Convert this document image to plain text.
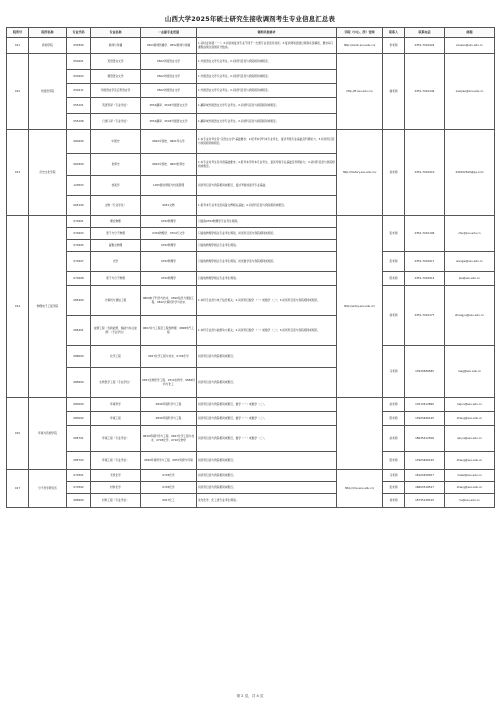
山西大学2025年硕士研究生接收调剂考生专业信息汇总表
院所号	院所名称	专业代码	专业名称	一志愿专业范围	调剂其他要求	学院（中心、所）官网	联系人	联系电话	邮箱
011	新闻学院	050300	新闻与传播	0503新闻传播学、0552新闻与传播	1.初试业务课（一）；2.初试或复试专业不同于一志愿专业者需另加试；3.复试调剂需通过调剂系统填报，要求每门课程成绩达到国家分数线。	http://xwcb.sxu.edu.cn/	李老师	0351-7010922	xinwen@sxu.edu.cn
012	外国语学院	050201	英语语言文学	0502外国语言文学	1.外国语言文学专业考生。2.初试科目需与我院相同或相近。	http://fl.sxu.edu.cn/	谢老师	0351-7010444	xiaojiao@sxu.edu.cn
		050202	俄语语言文学	0502外国语言文学	1.外国语言文学专业考生。2.初试科目需与我院相同或相近。				
		050211	外国语言学及应用语言学	0502外国语言文学	1.外国语言文学专业考生。2.初试科目需与我院相同或相近。				
		055101	英语笔译（专业学位）	0551翻译、0502外国语言文学	1.翻译或外国语言文学专业考生。2.初试科目需与我院相同或相近。				
		055108	日语口译（专业学位）	0551翻译、0502外国语言文学	1.翻译或外国语言文学专业考生。2.初试科目需与我院相同或相近。				
013	历史文化学院	060200	中国史	0602中国史、0601考古学	1.本专业对考生有"汉语言文学"基础要求；2.报考本学科本专业考生，复试考察专业基础及科研能力；3.初试科目需与我院相同或相近。	http://history.sxu.edu.cn/	孙老师	0351-7010010	240322520@qq.com
		060300	世界史	0602中国史、0603世界史	1.本专业对考生有外语基础要求；2.报考本学科本专业考生，复试考察专业基础及科研能力；3.初试科目需与我院相同或相近。				
		120503	档案学	1205图书情报与档案管理	初试科目需与我院相同或相近，复试考察档案学专业基础。				
		065100	文物（专业学位）	0651文物	1.报考本专业考生需具备文博相关基础；2.初试科目需与我院相同或相近。				
014	物理电子工程学院	070201	理论物理	0702物理学	只接收0702物理学专业考生调剂。	http://wdxy.sxu.edu.cn/	张老师	0351-7010106	zhu@sxu.edu.cn
		070203	原子与分子物理	0702物理学、0704天文学	只接收物理学相关专业考生调剂，初试科目需与我院相同或相近。				
		070205	凝聚态物理	0702物理学	只接收物理学相关专业考生调剂。				
		070207	光学	0702物理学	只接收物理学相关专业考生调剂，初试数学需与我院相同或相近。		张老师	0351-7010617	wangw@sxu.edu.cn
		070208	原子与分子物理	0702物理学	只接收物理学相关专业考生调剂。		陈老师	0351-7010612	ljie@sxu.edu.cn
		085400	计算机与通信工程	0809电子科学与技术、0810信息与通信工程、0812计算机科学与技术	1.本科专业需与电子信息相关；2.初试科目数学（一）或数学（二）；3.初试科目需与我院相同或相近。		杨老师	0351-7010377	zhangyu@sxu.edu.cn
		085401	能源工程（含新能源、储能与综合能源）（专业学位）	0807动力工程及工程热物理、0808电气工程	1.本科专业需与能源动力相关；2.初试科目数学（一）或数学（二）；3.初试科目需与我院相同或相近。				
		086000	化学工程	0817化学工程与技术、0703化学	初试科目需与我院相同或相近。		马老师	13934586585	mag@sxu.edu.cn
		085600	生物医学工程（专业学位）	0831生物医学工程、0710生物学、0856材料与化工	初试科目需与我院相同或相近。				
015	环境与资源学院	083000	环境科学	0830环境科学与工程	初试科目需与我院相同或相近，数学（一）或数学（二）。		赵老师	13513412860	hejun@sxu.edu.cn
		083002	环境工程	0830环境科学与工程	初试科目需与我院相同或相近，数学（一）或数学（二）。		陈老师	13903466145	zhang@sxu.edu.cn
		085701	环境工程（专业学位）	0830环境科学与工程、0817化学工程与技术、0703化学、0710生物学	初试科目需与我院相同或相近，数学（一）或数学（二）。		赵老师	18635412308	qinyu@sxu.edu.cn
		085702	环境工程（专业学位）	0830环境科学与工程、0857资源与环境	初试科目需与我院相同或相近。		陈老师	13903466145	zhang@sxu.edu.cn
017	分子科学研究所	070301	无机化学	0703化学	初试科目需与我院相同或相近。	http://ims.sxu.edu.cn/	马老师	18103458307	mawi@sxu.edu.cn
		070302	材料化学	0703化学	初试科目需与我院相同或相近。		张老师	18603518527	zhang@sxu.edu.cn
		085600	材料工程（专业学位）	0817化工	优先化学、化工类专业考生调剂。		刘老师	18735128315	liu@sxu.edu.cn
第 2 页，共 4 页
